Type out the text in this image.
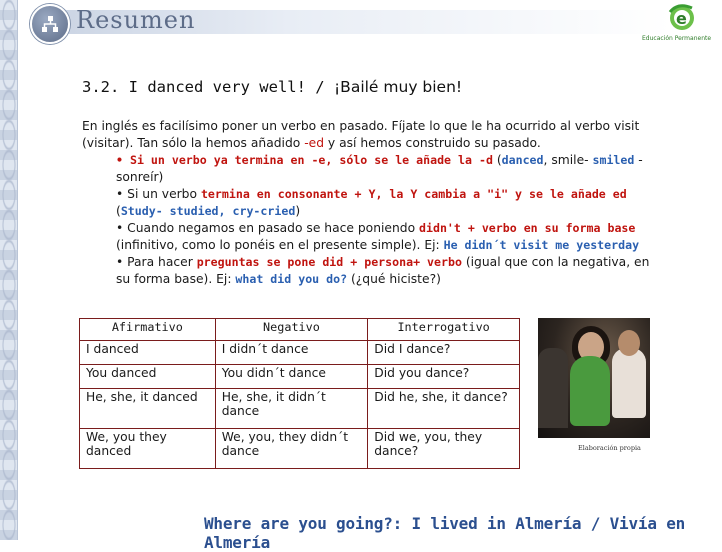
Resumen	e
Educación Permanente
3.2. I danced very well! / ¡Bailé muy bien!

En inglés es facilísimo poner un verbo en pasado. Fíjate lo que le ha ocurrido al verbo visit (visitar). Tan sólo la hemos añadido -ed y así hemos construido su pasado.

• Si un verbo ya termina en -e, sólo se le añade la -d (danced, smile- smiled -sonreír)

• Si un verbo termina en consonante + Y, la Y cambia a "i" y se le añade ed (Study- studied, cry-cried)

• Cuando negamos en pasado se hace poniendo didn't + verbo en su forma base (infinitivo, como lo ponéis en el presente simple). Ej: He didn´t visit me yesterday

• Para hacer preguntas se pone did + persona+ verbo (igual que con la negativa, en su forma base). Ej: what did you do? (¿qué hiciste?)

Afirmativo	Negativo	Interrogativo
I danced	I didn´t dance	Did I dance?
You danced	You didn´t dance	Did you dance?
He, she, it danced	He, she, it didn´t dance	Did he, she, it dance?
We, you they danced	We, you, they didn´t dance	Did we, you, they dance?	Elaboración propia
Where are you going?: I lived in Almería / Vivía en Almería
